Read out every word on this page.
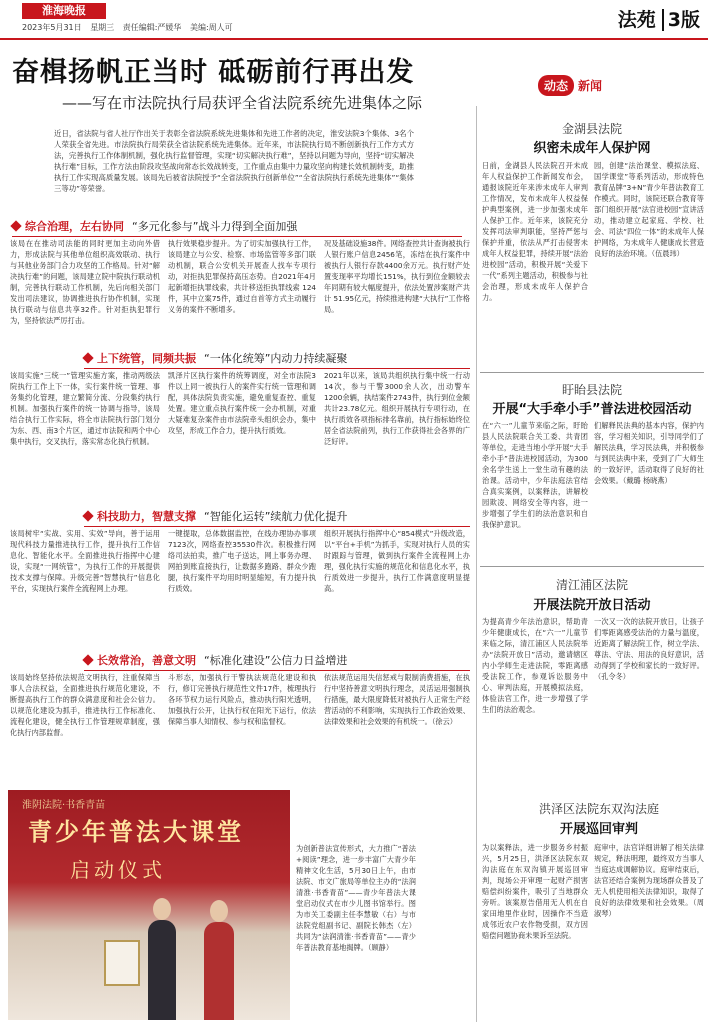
淮海晚报
2023年5月31日 星期三 责任编辑:严媛华 美编:周人可	法苑 3版
奋楫扬帆正当时 砥砺前行再出发
——写在市法院执行局获评全省法院系统先进集体之际
近日，省法院与省人社厅作出关于表彰全省法院系统先进集体和先进工作者的决定，淮安法院3个集体、3名个人荣获全省先进。市法院执行局荣获全省法院系统先进集体。近年来，市法院执行局不断创新执行工作方式方法，完善执行工作体制机制，强化执行监督管理，实现“切实解决执行难”，坚持以问题为导向，坚持“切实解决执行难”目标，工作方法由阶段攻坚战向常态长效战转变，工作重点由集中力量攻坚向构建长效机制转变，助推执行工作实现高质量发展。该局先后被省法院授予“全省法院执行创新单位”“全省法院执行系统先进集体”“集体三等功”等荣誉。
综合治理，左右协同 “多元化参与”战斗力得到全面加强
该局在在推动司法能的同时更加主动向外借力，形成法院与其他单位组织高效联动、执行与其他业务部门合力攻坚的工作格局。针对“解决执行难”的问题，该局建立院中院执行联动机制，完善执行联动工作机制，先后向相关部门发出司法建议，协调推进执行协作机制，实现执行联动与信息共享32件。针对拒执犯罪行为，坚持依法严厉打击。
执行效果稳步提升。为了切实加强执行工作，该局建立与公安、检察、市场监管等多部门联动机制，联合公安机关开展查人找车专项行动，对拒执犯罪保持高压态势。自2021年4月起新增拒执罪线索，共计移送拒执罪线索 124件，其中立案75件，通过自首等方式主动履行义务的案件不断增多。
况及基础设施38件。网络查控共计查询被执行人银行账户信息2456笔，冻结在执行案件中被执行人银行存款4400余万元。执行财产处置变现率平均增长151%，执行到位金额较去年同期有较大幅度提升，依法处置涉案财产共计 51.95亿元，持续推进构建“大执行”工作格局。
上下统管，同频共振 “一体化统筹”内动力持续凝聚
该局实施“三统一”管理实施方案，推动两级法院执行工作上下一体，实行案件统一管理、事务集约化管理，建立繁简分流、分段集约执行机制。加强执行案件的统一协调与指导，该局结合执行工作实际，将全市法院执行部门划分为东、西、南3个片区，通过市法院和两个中心集中执行，交叉执行，落实常态化执行机制。
凯泽片区执行案件的统筹调度，对全市法院3件以上同一被执行人的案件实行统一管理和调配，具体法院负责实施，避免重复查控、重复处置。建立重点执行案件统一会办机制，对重大疑难复杂案件由市法院牵头组织会办，集中攻坚，形成工作合力，提升执行质效。
2021年以来，该局共组织执行集中统一行动14次，参与干警3000余人次，出动警车1200余辆，执结案件2743件，执行到位金额共计23.78亿元。组织开展执行专项行动，在执行质效各项指标排名靠前，执行指标始终位居全省法院前列，执行工作获得社会各界的广泛好评。
科技助力，智慧支撑 “智能化运转”续航力优化提升
该局树牢“实战、实用、实效”导向，善于运用现代科技力量推进执行工作，提升执行工作信息化、智能化水平。全面推进执行指挥中心建设，实现“一网统管”，为执行工作的开展提供技术支撑与保障。升级完善“智慧执行”信息化平台，实现执行案件全流程网上办理。
一键提取，总体数据监控，在线办理协办事项7123次，网络查控35530件次。积极推行网络司法拍卖，推广电子送达，网上事务办理、网拍到账直接执行，让数据多跑路、群众少跑腿，执行案件平均用时明显缩短，有力提升执行质效。
组织开展执行指挥中心“854模式”升级改造，以“平台+手机”为抓手，实现对执行人员的实时跟踪与管理，做到执行案件全流程网上办理，强化执行实施的规范化和信息化水平，执行质效进一步提升，执行工作满意度明显提高。
长效常治，善意文明 “标准化建设”公信力日益增进
该局始终坚持依法规范文明执行，注重保障当事人合法权益，全面推进执行规范化建设，不断提高执行工作的群众满意度和社会公信力。以规范化建设为抓手，推进执行工作标准化、流程化建设，健全执行工作管理规章制度，强化执行内部监督。
斗形态，加强执行干警执法规范化建设和执行，修订完善执行规范性文件17件，梳理执行各环节权力运行风险点，推动执行阳光透明，加强执行公开，让执行权在阳光下运行，依法保障当事人知情权、参与权和监督权。
依法规范运用失信惩戒与限制消费措施，在执行中坚持善意文明执行理念，灵活运用强制执行措施，最大限度降低对被执行人正常生产经营活动的不利影响，实现执行工作政治效果、法律效果和社会效果的有机统一。（徐云）
淮阴法院·书香青苗
青少年普法大课堂
启动仪式
为创新普法宣传形式，大力推广“普法+阅读”理念，进一步丰富广大青少年精神文化生活，5月30日上午，由市法院、市文广旅局等单位主办的“法润清淮·书香青苗”——青少年普法大课堂启动仪式在市少儿图书馆举行。图为市关工委副主任李慧敏（右）与市法院党组副书记、副院长韩杰（左）共同为“法润清淮·书香青苗”——青少年普法教育基地揭牌。（顾静）
动态 新闻
金湖县法院
织密未成年人保护网
日前，金湖县人民法院召开未成年人权益保护工作新闻发布会，通报该院近年来涉未成年人审判工作情况，发布未成年人权益保护典型案例，进一步加强未成年人保护工作。近年来，该院充分发挥司法审判职能，坚持严惩与保护并重，依法从严打击侵害未成年人权益犯罪，持续开展“法治进校园”活动，积极开展“关爱下一代”系列主题活动，积极参与社会治理，形成未成年人保护合力。
园，创建“法治课堂、模拟法庭、国学课堂”等系列活动，形成特色教育品牌“3+N”青少年普法教育工作模式。同时，该院还联合教育等部门组织开展“法官进校园”宣讲活动，推动建立起家庭、学校、社会、司法“四位一体”的未成年人保护网络，为未成年人健康成长营造良好的法治环境。（伍晨玮）
盱眙县法院
开展“大手牵小手”普法进校园活动
在“六一”儿童节来临之际，盱眙县人民法院联合关工委、共青团等单位，走进当地小学开展“大手牵小手”普法进校园活动，为300余名学生送上一堂生动有趣的法治课。活动中，少年法庭法官结合真实案例，以案释法，讲解校园欺凌、网络安全等内容，进一步增强了学生们的法治意识和自我保护意识。
们解释民法典的基本内容，保护内容，学习相关知识，引导同学们了解民法典，学习民法典，并积极参与到民法典中来，受到了广大师生的一致好评，活动取得了良好的社会效果。（戴璐 杨晓燕）
清江浦区法院
开展法院开放日活动
为提高青少年法治意识，帮助青少年健康成长，在“六一”儿童节来临之际，清江浦区人民法院举办“法院开放日”活动，邀请辖区内小学师生走进法院，零距离感受法院工作，参观诉讼服务中心、审判法庭，开展模拟法庭，体验法官工作，进一步增强了学生们的法治观念。
一次又一次的法院开放日，让孩子们零距离感受法治的力量与温度，近距离了解法院工作，树立学法、尊法、守法、用法的良好意识，活动得到了学校和家长的一致好评。（孔令冬）
洪泽区法院东双沟法庭
开展巡回审判
为以案释法，进一步服务乡村振兴，5月25日，洪泽区法院东双沟法庭在东双沟镇开展巡回审判，现场公开审理一起财产损害赔偿纠纷案件，吸引了当地群众旁听。该案原告借用无人机在自家田地里作业时，因操作不当造成邻近农户农作物受损，双方因赔偿问题协商未果诉至法院。
庭审中，法官详细讲解了相关法律规定，释法明理，最终双方当事人当庭达成调解协议。庭审结束后，法官还结合案例为现场群众普及了无人机使用相关法律知识，取得了良好的法律效果和社会效果。（周淑琴）
